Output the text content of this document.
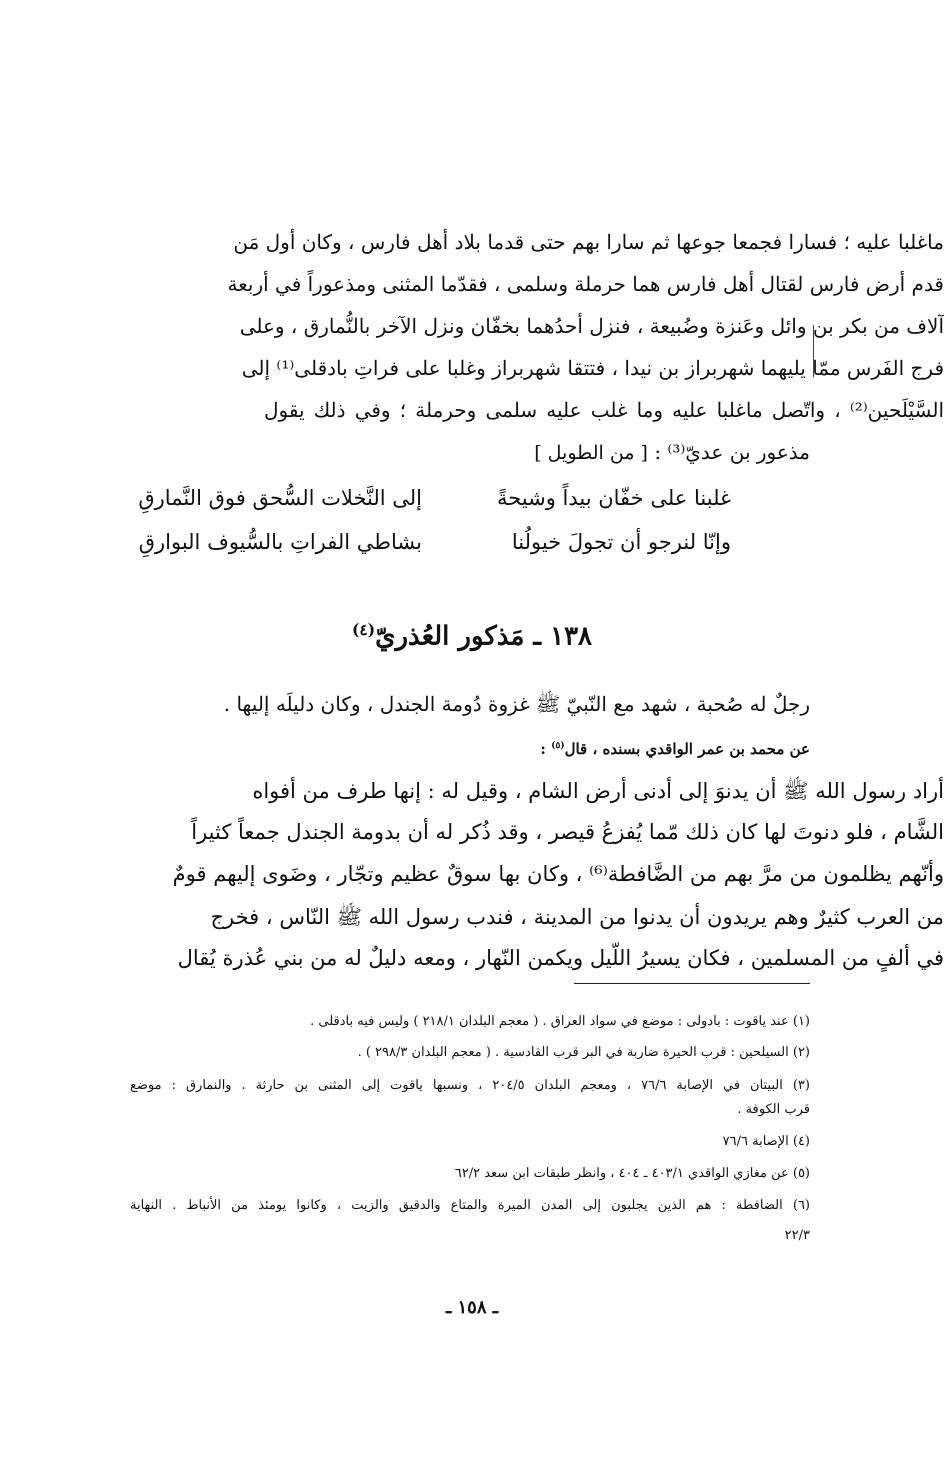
ماغلبا عليه ؛ فسارا فجمعا جوعها ثم سارا بهم حتى قدما بلاد أهل فارس ، وكان أول مَن
قدم أرض فارس لقتال أهل فارس هما حرملة وسلمى ، فقدّما المثنى ومذعوراً في أربعة
آلاف من بكر بن وائل وعَنزة وضُبيعة ، فنزل أحدُهما بخفّان ونزل الآخر بالنُّمارق ، وعلى
فرج الفَرس ممّا يليهما شهربراز بن نيدا ، فتتقا شهربراز وغلبا على فراتِ بادقلى⁽¹⁾ إلى
السَّيْلَحين⁽²⁾ ، واتّصل ماغلبا عليه وما غلب عليه سلمى وحرملة ؛ وفي ذلك يقول
مذعور بن عديّ⁽³⁾ : [ من الطويل ]
غلبنا على خفّان بيداً وشيحةً
إلى النَّخلات السُّحق فوق النَّمارقِ
وإنّا لنرجو أن تجولَ خيولُنا
بشاطي الفراتِ بالسُّيوف البوارقِ
١٣٨ ـ مَذكور العُذريّ$^{(٤)}$
رجلٌ له صُحبة ، شهد مع النّبيّ ﷺ غزوة دُومة الجندل ، وكان دليلَه إليها .
عن محمد بن عمر الواقدي بسنده ، قال$^{(٥)}$ :
أراد رسول الله ﷺ أن يدنوَ إلى أدنى أرض الشام ، وقيل له : إنها طرف من أفواه
الشَّام ، فلو دنوتَ لها كان ذلك مّما يُفزعُ قيصر ، وقد ذُكر له أن بدومة الجندل جمعاً كثيراً
وأنّهم يظلمون من مرَّ بهم من الضَّافطة⁽⁶⁾ ، وكان بها سوقٌ عظيم وتجّار ، وضَوى إليهم قومٌ
من العرب كثيرٌ وهم يريدون أن يدنوا من المدينة ، فندب رسول الله ﷺ النّاس ، فخرج
في ألفٍ من المسلمين ، فكان يسيرُ اللّيل ويكمن النّهار ، ومعه دليلٌ له من بني عُذرة يُقال
(١) عند ياقوت : بادولى : موضع في سواد العراق . ( معجم البلدان ٢١٨/١ ) وليس فيه بادقلى .
(٢) السيلحين : قرب الحيرة ضاربة في البر قرب القادسية . ( معجم البلدان ٢٩٨/٣ ) .
(٣) البيتان في الإصابة ٧٦/٦ ، ومعجم البلدان ٢٠٤/٥ ، ونسبها ياقوت إلى المثنى بن حارثة . والنمارق : موضع
قرب الكوفة .
(٤) الإصابة ٧٦/٦
(٥) عن مغازي الواقدي ٤٠٣/١ ـ ٤٠٤ ، وانظر طبقات ابن سعد ٦٢/٢
(٦) الضافطة : هم الذين يجلبون إلى المدن الميرة والمتاع والدقيق والزيت ، وكانوا يومئذ من الأنباط . النهاية
٢٢/٣
ـ ١٥٨ ـ
